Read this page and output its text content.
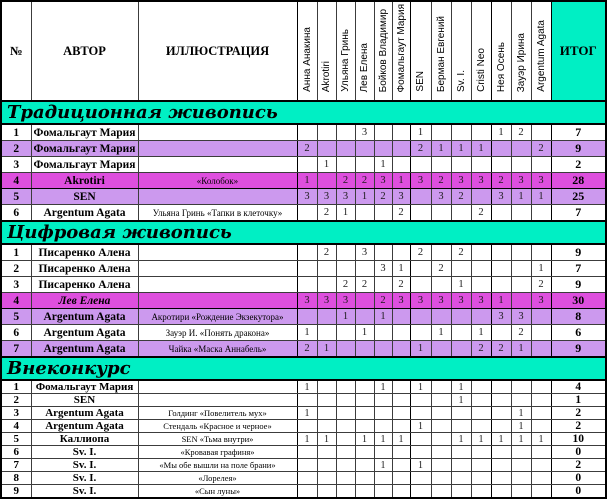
№	АВТОР	ИЛЛЮСТРАЦИЯ	Анна Анакина	Akrotiri	Ульяна Гринь	Лев Елена	Бойков Владимир	Фомальгаут Мария	SEN	Берман Евгений	Sv. I.	Cristi Neo	Нея Осень	Зауэр Ирина	Argentum Agata	ИТОГ
Традиционная живопись																
1	Фомальгаут Мария					3			1				1	2		7
2	Фомальгаут Мария		2						2	1	1	1			2	9
3	Фомальгаут Мария			1			1									2
4	Akrotiri	«Колобок»	1		2	2	3	1	3	2	3	3	2	3	3	28
5	SEN		3	3	3	1	2	3		3	2		3	1	1	25
6	Argentum Agata	Ульяна Гринь «Тапки в клеточку»		2	1			2				2				7
Цифровая живопись																
1	Писаренко Алена			2		3			2		2					9
2	Писаренко Алена						3	1		2					1	7
3	Писаренко Алена				2	2		2			1				2	9
4	Лев Елена		3	3	3		2	3	3	3	3	3	1		3	30
5	Argentum Agata	Акротири «Рождение Экзекутора»			1		1						3	3		8
6	Argentum Agata	Зауэр И. «Понять дракона»	1			1				1		1		2		6
7	Argentum Agata	Чайка «Маска Аннабель»	2	1					1			2	2	1		9
Внеконкурс																
1	Фомальгаут Мария		1				1		1		1					4
2	SEN										1					1
3	Argentum Agata	Голдинг «Повелитель мух»	1											1		2
4	Argentum Agata	Стендаль «Красное и черное»							1					1		2
5	Каллиопа	SEN «Тьма внутри»	1	1		1	1	1			1	1	1	1	1	10
6	Sv. I.	«Кровавая графиня»														0
7	Sv. I.	«Мы обе вышли на поле брани»					1		1							2
8	Sv. I.	«Лорелея»														0
9	Sv. I.	«Сын луны»														0
